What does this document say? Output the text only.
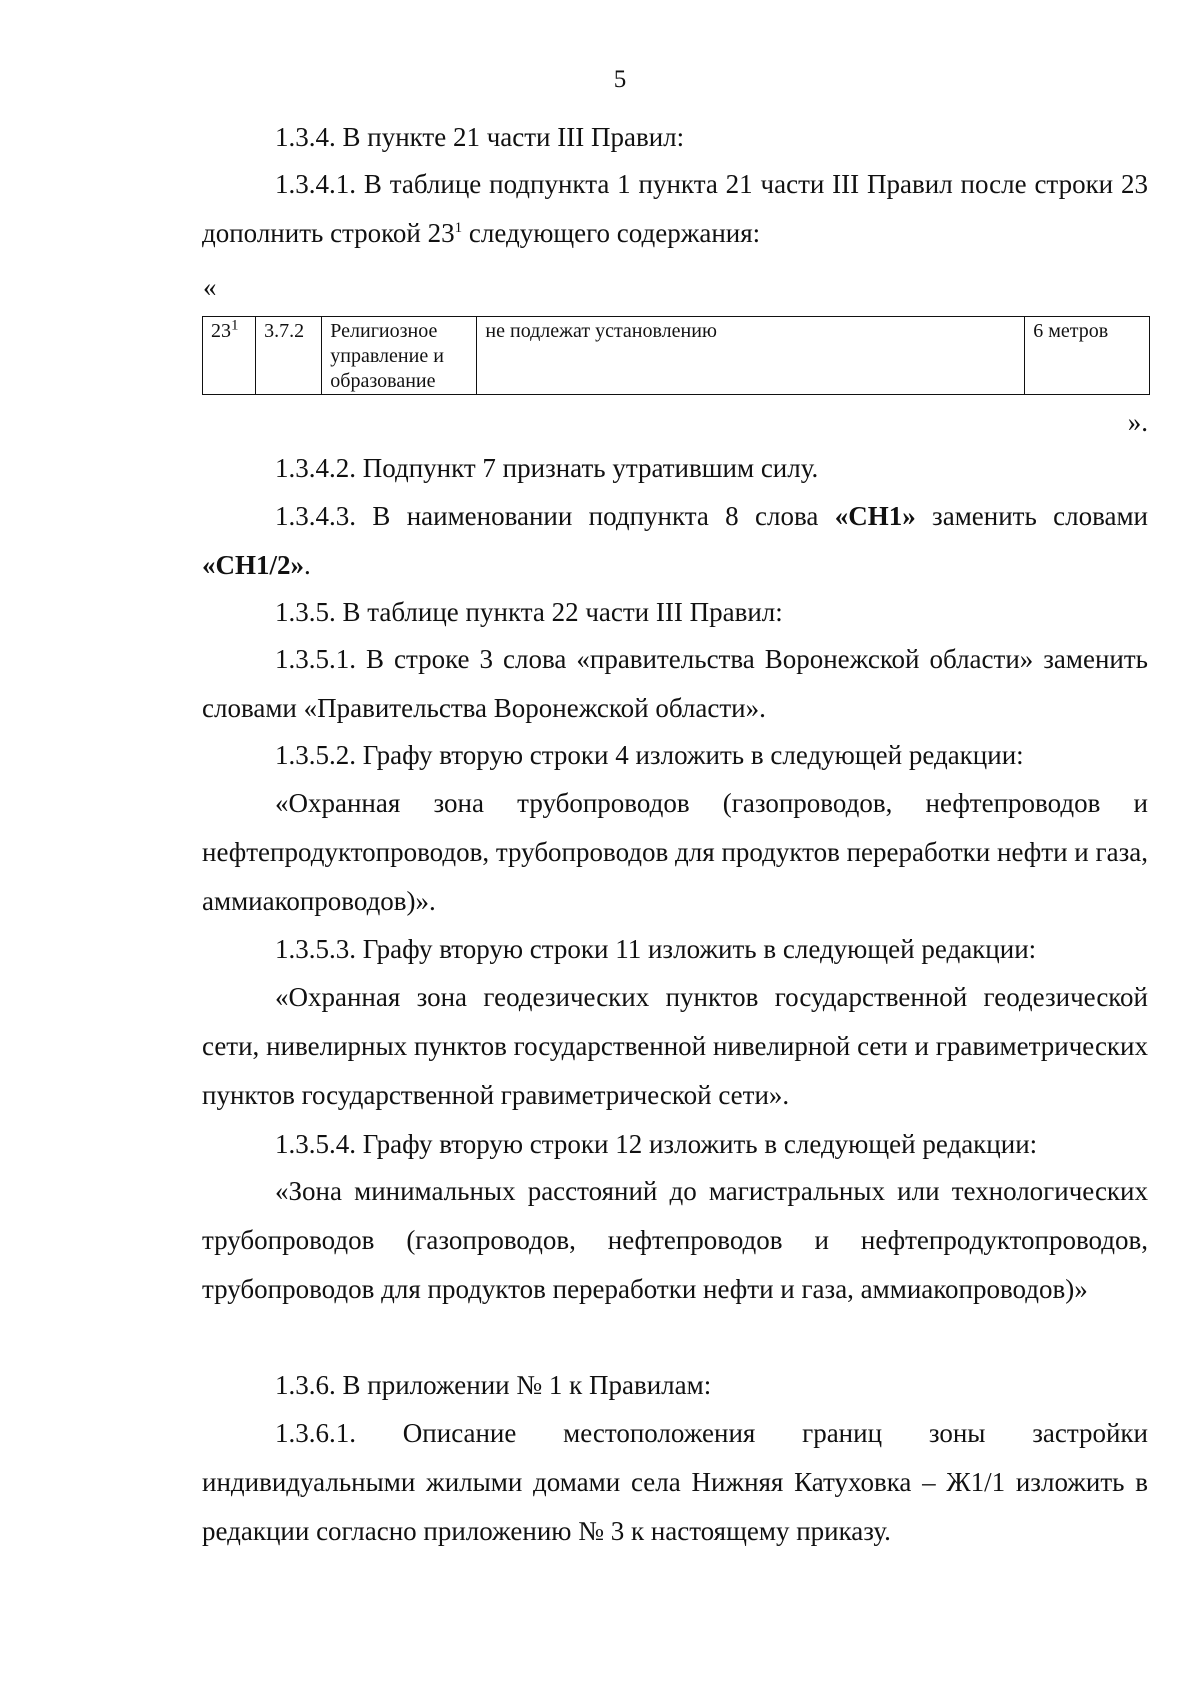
5
1.3.4. В пункте 21 части III Правил:
1.3.4.1. В таблице подпункта 1 пункта 21 части III Правил после строки 23 дополнить строкой $23^1$ следующего содержания:
«
$23^1$	3.7.2	Религиозное управление и образование	не подлежат установлению	6 метров
».
1.3.4.2. Подпункт 7 признать утратившим силу.
1.3.4.3. В наименовании подпункта 8 слова «СН1» заменить словами «СН1/2».
1.3.5. В таблице пункта 22 части III Правил:
1.3.5.1. В строке 3 слова «правительства Воронежской области» заменить словами «Правительства Воронежской области».
1.3.5.2. Графу вторую строки 4 изложить в следующей редакции:
«Охранная зона трубопроводов (газопроводов, нефтепроводов и нефтепродуктопроводов, трубопроводов для продуктов переработки нефти и газа, аммиакопроводов)».
1.3.5.3. Графу вторую строки 11 изложить в следующей редакции:
«Охранная зона геодезических пунктов государственной геодезической сети, нивелирных пунктов государственной нивелирной сети и гравиметрических пунктов государственной гравиметрической сети».
1.3.5.4. Графу вторую строки 12 изложить в следующей редакции:
«Зона минимальных расстояний до магистральных или технологических трубопроводов (газопроводов, нефтепроводов и нефтепродуктопроводов, трубопроводов для продуктов переработки нефти и газа, аммиакопроводов)»
1.3.6. В приложении № 1 к Правилам:
1.3.6.1. Описание местоположения границ зоны застройки индивидуальными жилыми домами села Нижняя Катуховка – Ж1/1 изложить в редакции согласно приложению № 3 к настоящему приказу.
